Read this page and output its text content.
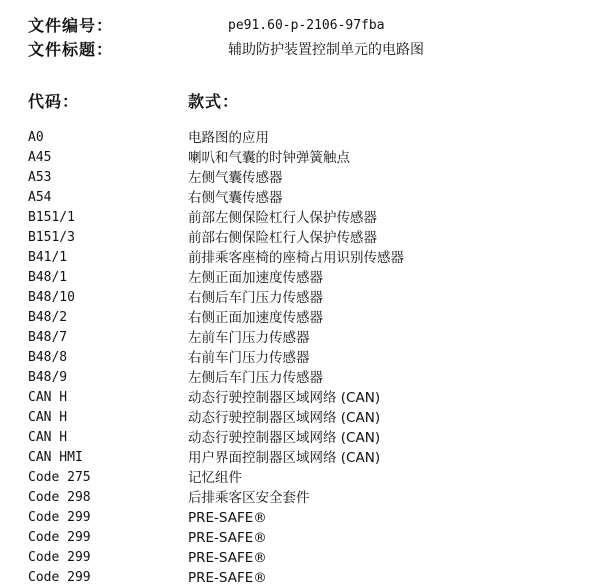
文件编号：	pe91.60-p-2106-97fba
文件标题：	辅助防护装置控制单元的电路图
代码：	款式：
A0	电路图的应用
A45	喇叭和气囊的时钟弹簧触点
A53	左侧气囊传感器
A54	右侧气囊传感器
B151/1	前部左侧保险杠行人保护传感器
B151/3	前部右侧保险杠行人保护传感器
B41/1	前排乘客座椅的座椅占用识别传感器
B48/1	左侧正面加速度传感器
B48/10	右侧后车门压力传感器
B48/2	右侧正面加速度传感器
B48/7	左前车门压力传感器
B48/8	右前车门压力传感器
B48/9	左侧后车门压力传感器
CAN H	动态行驶控制器区域网络 (CAN)
CAN H	动态行驶控制器区域网络 (CAN)
CAN H	动态行驶控制器区域网络 (CAN)
CAN HMI	用户界面控制器区域网络 (CAN)
Code 275	记忆组件
Code 298	后排乘客区安全套件
Code 299	PRE-SAFE®
Code 299	PRE-SAFE®
Code 299	PRE-SAFE®
Code 299	PRE-SAFE®
